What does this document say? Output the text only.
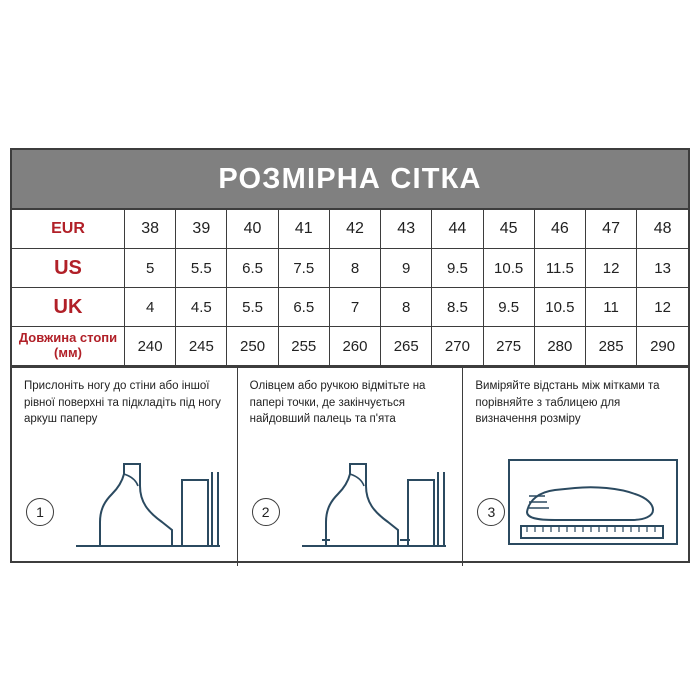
РОЗМІРНА СІТКА
EUR	38	39	40	41	42	43	44	45	46	47	48
US	5	5.5	6.5	7.5	8	9	9.5	10.5	11.5	12	13
UK	4	4.5	5.5	6.5	7	8	8.5	9.5	10.5	11	12
Довжина стопи (мм)	240	245	250	255	260	265	270	275	280	285	290
Прислоніть ногу до стіни або іншої рівної поверхні та підкладіть під ногу аркуш паперу
1
Олівцем або ручкою відмітьте на папері точки, де закінчується найдовший палець та п'ята
2
Виміряйте відстань між мітками та порівняйте з таблицею для визначення розміру
3
